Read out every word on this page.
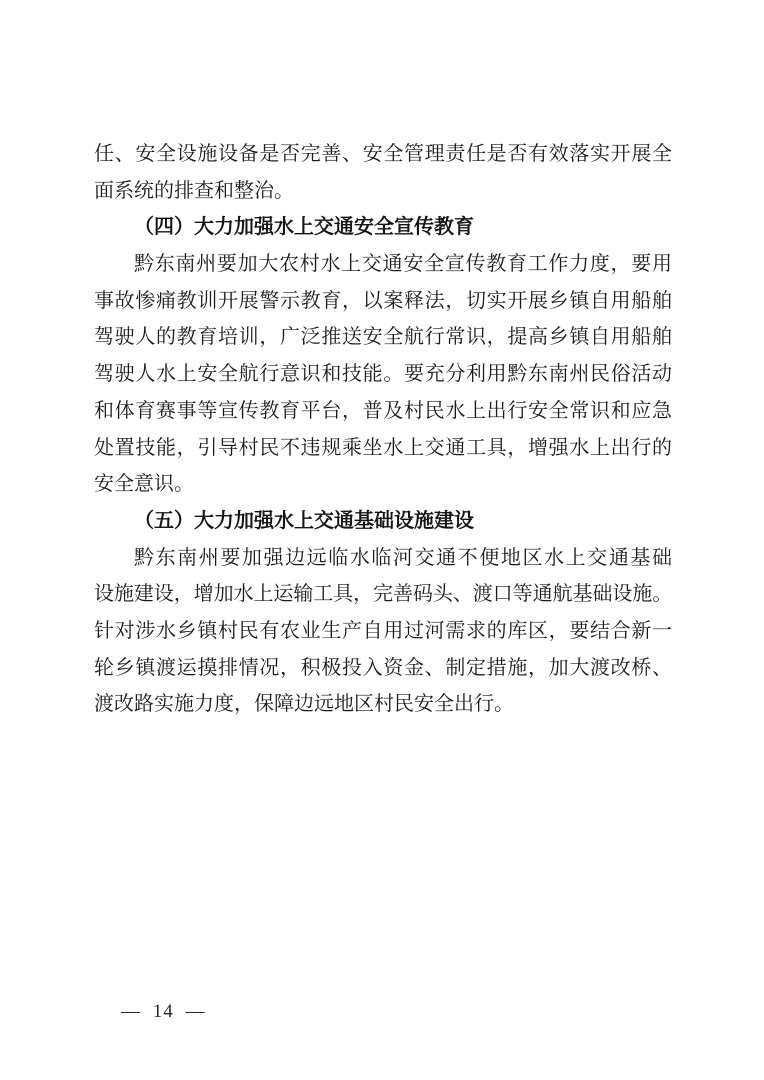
任、安全设施设备是否完善、安全管理责任是否有效落实开展全
面系统的排查和整治。
（四）大力加强水上交通安全宣传教育
黔东南州要加大农村水上交通安全宣传教育工作力度，要用
事故惨痛教训开展警示教育，以案释法，切实开展乡镇自用船舶
驾驶人的教育培训，广泛推送安全航行常识，提高乡镇自用船舶
驾驶人水上安全航行意识和技能。要充分利用黔东南州民俗活动
和体育赛事等宣传教育平台，普及村民水上出行安全常识和应急
处置技能，引导村民不违规乘坐水上交通工具，增强水上出行的
安全意识。
（五）大力加强水上交通基础设施建设
黔东南州要加强边远临水临河交通不便地区水上交通基础
设施建设，增加水上运输工具，完善码头、渡口等通航基础设施。
针对涉水乡镇村民有农业生产自用过河需求的库区，要结合新一
轮乡镇渡运摸排情况，积极投入资金、制定措施，加大渡改桥、
渡改路实施力度，保障边远地区村民安全出行。
— 14 —
